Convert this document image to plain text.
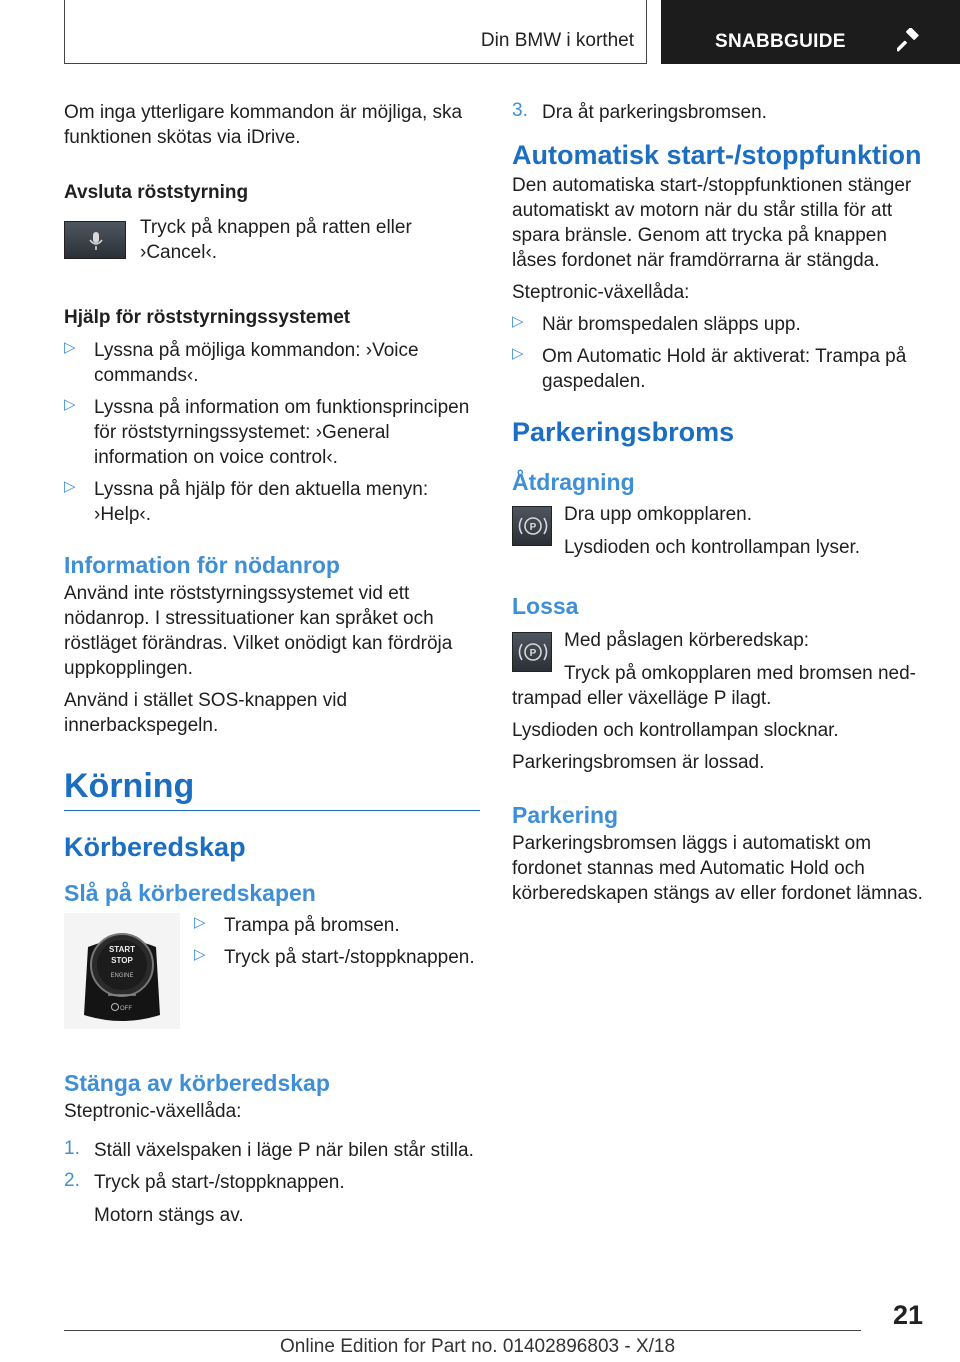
Din BMW i korthet	SNABBGUIDE

Om inga ytterligare kommandon är möjliga, ska funktionen skötas via iDrive.

Avsluta röststyrning

Tryck på knappen på ratten eller ›Cancel‹.

Hjälp för röststyrningssystemet

▷ Lyssna på möjliga kommandon: ›Voice commands‹.

▷ Lyssna på information om funktionsprincipen för röststyrningssystemet: ›General information on voice control‹.

▷ Lyssna på hjälp för den aktuella menyn: ›Help‹.

Information för nödanrop

Använd inte röststyrningssystemet vid ett nödanrop. I stressituationer kan språket och röstläget förändras. Vilket onödigt kan fördröja uppkopplingen.

Använd i stället SOS-knappen vid innerbackspegeln.

Körning
Körberedskap
Slå på körberedskapen
START
STOP
ENGINE
OFF
▷ Trampa på bromsen.

▷ Tryck på start-/stoppknappen.

Stänga av körberedskap

Steptronic-växellåda:

1. Ställ växelspaken i läge P när bilen står stilla.

2. Tryck på start-/stoppknappen.

Motorn stängs av.

3. Dra åt parkeringsbromsen.

Automatisk start-/stoppfunktion

Den automatiska start-/stoppfunktionen stänger automatiskt av motorn när du står stilla för att spara bränsle. Genom att trycka på knappen låses fordonet när framdörrarna är stängda.

Steptronic-växellåda:

▷ När bromspedalen släpps upp.

▷ Om Automatic Hold är aktiverat: Trampa på gaspedalen.

Parkeringsbroms
Åtdragning
P

Dra upp omkopplaren.

Lysdioden och kontrollampan lyser.

Lossa
P

Med påslagen körberedskap:

Tryck på omkopplaren med bromsen ned-

trampad eller växelläge P ilagt.

Lysdioden och kontrollampan slocknar.

Parkeringsbromsen är lossad.

Parkering

Parkeringsbromsen läggs i automatiskt om fordonet stannas med Automatic Hold och körberedskapen stängs av eller fordonet lämnas.

21
Online Edition for Part no. 01402896803 - X/18
